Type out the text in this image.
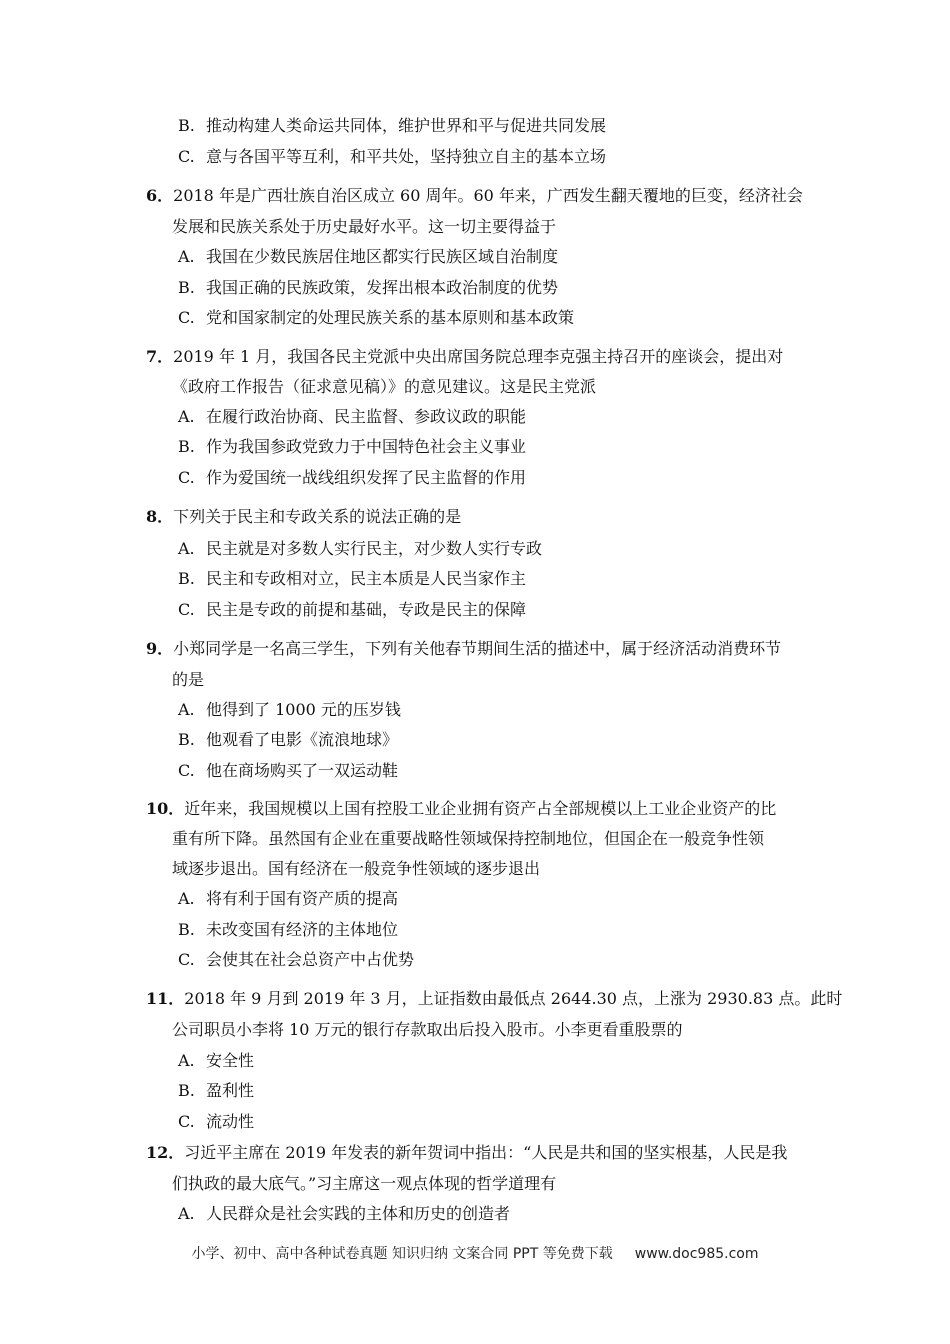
B. 推动构建人类命运共同体，维护世界和平与促进共同发展
C. 意与各国平等互利，和平共处，坚持独立自主的基本立场
6．2018 年是广西壮族自治区成立 60 周年。60 年来，广西发生翻天覆地的巨变，经济社会
发展和民族关系处于历史最好水平。这一切主要得益于
A. 我国在少数民族居住地区都实行民族区域自治制度
B. 我国正确的民族政策，发挥出根本政治制度的优势
C. 党和国家制定的处理民族关系的基本原则和基本政策
7．2019 年 1 月，我国各民主党派中央出席国务院总理李克强主持召开的座谈会，提出对
《政府工作报告（征求意见稿）》的意见建议。这是民主党派
A. 在履行政治协商、民主监督、参政议政的职能
B. 作为我国参政党致力于中国特色社会主义事业
C. 作为爱国统一战线组织发挥了民主监督的作用
8．下列关于民主和专政关系的说法正确的是
A. 民主就是对多数人实行民主，对少数人实行专政
B. 民主和专政相对立，民主本质是人民当家作主
C. 民主是专政的前提和基础，专政是民主的保障
9．小郑同学是一名高三学生，下列有关他春节期间生活的描述中，属于经济活动消费环节
的是
A. 他得到了 1000 元的压岁钱
B. 他观看了电影《流浪地球》
C. 他在商场购买了一双运动鞋
10．近年来，我国规模以上国有控股工业企业拥有资产占全部规模以上工业企业资产的比
重有所下降。虽然国有企业在重要战略性领域保持控制地位，但国企在一般竞争性领
域逐步退出。国有经济在一般竞争性领域的逐步退出
A. 将有利于国有资产质的提高
B. 未改变国有经济的主体地位
C. 会使其在社会总资产中占优势
11．2018 年 9 月到 2019 年 3 月，上证指数由最低点 2644.30 点，上涨为 2930.83 点。此时
公司职员小李将 10 万元的银行存款取出后投入股市。小李更看重股票的
A. 安全性
B. 盈利性
C. 流动性
12．习近平主席在 2019 年发表的新年贺词中指出：“人民是共和国的坚实根基，人民是我
们执政的最大底气。”习主席这一观点体现的哲学道理有
A. 人民群众是社会实践的主体和历史的创造者
小学、初中、高中各种试卷真题 知识归纳 文案合同 PPT 等免费下载 www.doc985.com
